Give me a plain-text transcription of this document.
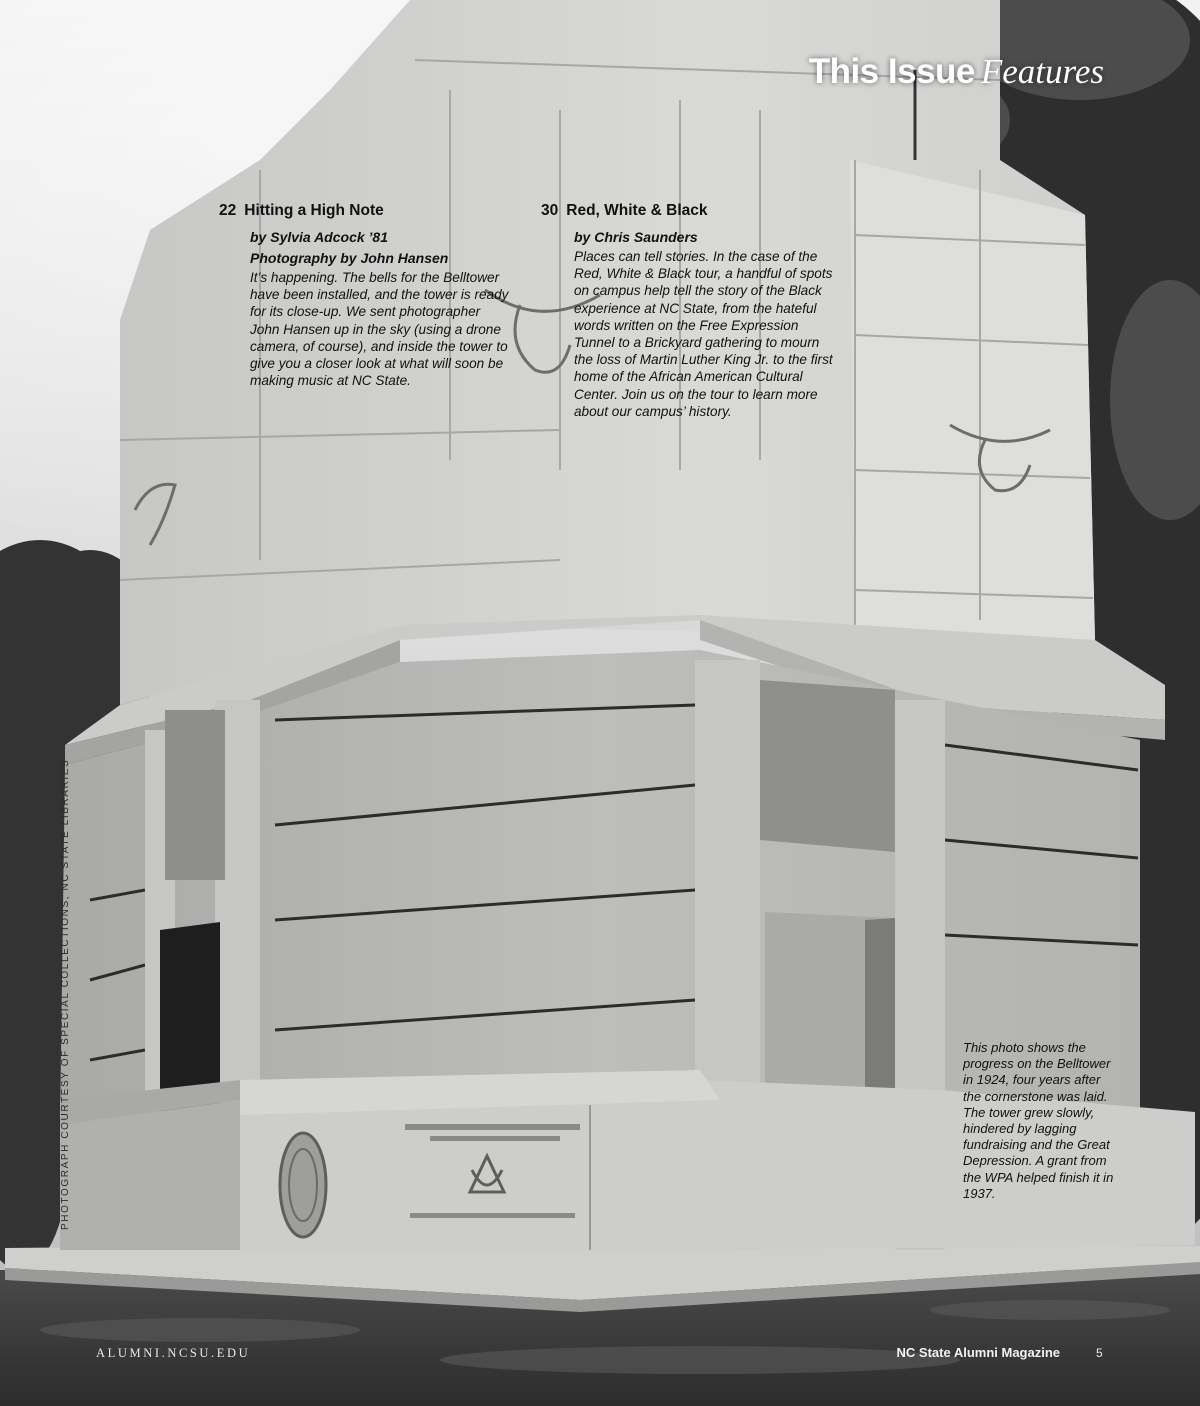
This Issue Features
22 Hitting a High Note
by Sylvia Adcock ’81
Photography by John Hansen
It’s happening. The bells for the Belltower have been installed, and the tower is ready for its close-up. We sent photographer John Hansen up in the sky (using a drone camera, of course), and inside the tower to give you a closer look at what will soon be making music at NC State.
30 Red, White & Black
by Chris Saunders
Places can tell stories. In the case of the Red, White & Black tour, a handful of spots on campus help tell the story of the Black experience at NC State, from the hateful words written on the Free Expression Tunnel to a Brickyard gathering to mourn the loss of Martin Luther King Jr. to the first home of the African American Cultural Center. Join us on the tour to learn more about our campus’ history.
This photo shows the progress on the Belltower in 1924, four years after the cornerstone was laid. The tower grew slowly, hindered by lagging fundraising and the Great Depression. A grant from the WPA helped finish it in 1937.
PHOTOGRAPH COURTESY OF SPECIAL COLLECTIONS, NC STATE LIBRARIES
ALUMNI.NCSU.EDU	NC State Alumni Magazine	5
